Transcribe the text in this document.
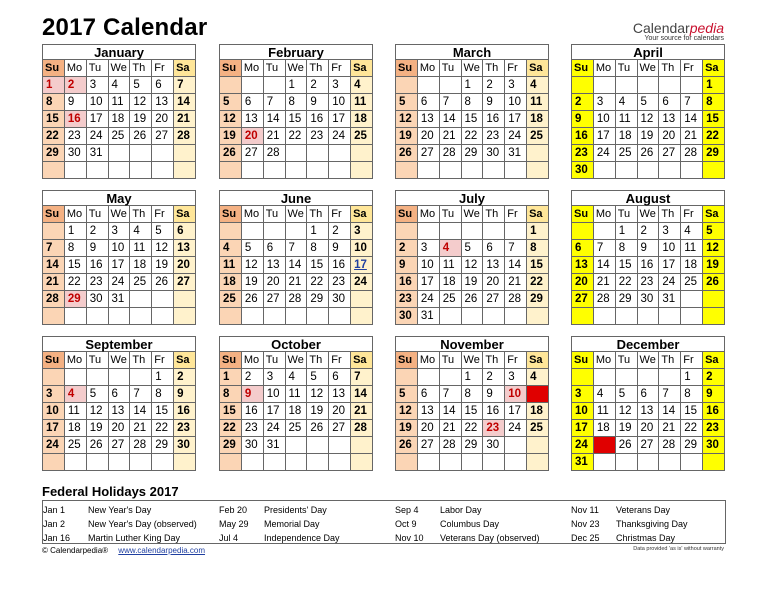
2017 Calendar	Calendarpedia
Your source for calendars
January
Su	Mo	Tu	We	Th	Fr	Sa
1	2	3	4	5	6	7
8	9	10	11	12	13	14
15	16	17	18	19	20	21
22	23	24	25	26	27	28
29	30	31				

February
Su	Mo	Tu	We	Th	Fr	Sa
			1	2	3	4
5	6	7	8	9	10	11
12	13	14	15	16	17	18
19	20	21	22	23	24	25
26	27	28				

March
Su	Mo	Tu	We	Th	Fr	Sa
			1	2	3	4
5	6	7	8	9	10	11
12	13	14	15	16	17	18
19	20	21	22	23	24	25
26	27	28	29	30	31	

April
Su	Mo	Tu	We	Th	Fr	Sa
						1
2	3	4	5	6	7	8
9	10	11	12	13	14	15
16	17	18	19	20	21	22
23	24	25	26	27	28	29
30						
May
Su	Mo	Tu	We	Th	Fr	Sa
	1	2	3	4	5	6
7	8	9	10	11	12	13
14	15	16	17	18	19	20
21	22	23	24	25	26	27
28	29	30	31			

June
Su	Mo	Tu	We	Th	Fr	Sa
				1	2	3
4	5	6	7	8	9	10
11	12	13	14	15	16	17
18	19	20	21	22	23	24
25	26	27	28	29	30	

July
Su	Mo	Tu	We	Th	Fr	Sa
						1
2	3	4	5	6	7	8
9	10	11	12	13	14	15
16	17	18	19	20	21	22
23	24	25	26	27	28	29
30	31					
August
Su	Mo	Tu	We	Th	Fr	Sa
		1	2	3	4	5
6	7	8	9	10	11	12
13	14	15	16	17	18	19
20	21	22	23	24	25	26
27	28	29	30	31		

September
Su	Mo	Tu	We	Th	Fr	Sa
					1	2
3	4	5	6	7	8	9
10	11	12	13	14	15	16
17	18	19	20	21	22	23
24	25	26	27	28	29	30

October
Su	Mo	Tu	We	Th	Fr	Sa
1	2	3	4	5	6	7
8	9	10	11	12	13	14
15	16	17	18	19	20	21
22	23	24	25	26	27	28
29	30	31				

November
Su	Mo	Tu	We	Th	Fr	Sa
			1	2	3	4
5	6	7	8	9	10	11
12	13	14	15	16	17	18
19	20	21	22	23	24	25
26	27	28	29	30		

December
Su	Mo	Tu	We	Th	Fr	Sa
					1	2
3	4	5	6	7	8	9
10	11	12	13	14	15	16
17	18	19	20	21	22	23
24	25	26	27	28	29	30
31						
Federal Holidays 2017
Jan 1	New Year's Day
Jan 2	New Year's Day (observed)
Jan 16 Martin Luther King Day
Feb 20 Presidents' Day
May 29 Memorial Day
Jul 4	Independence Day
Sep 4 Labor Day
Oct 9	Columbus Day
Nov 10 Veterans Day (observed)
Nov 11 Veterans Day
Nov 23 Thanksgiving Day
Dec 25 Christmas Day
© Calendarpedia® www.calendarpedia.com	Data provided 'as is' without warranty
